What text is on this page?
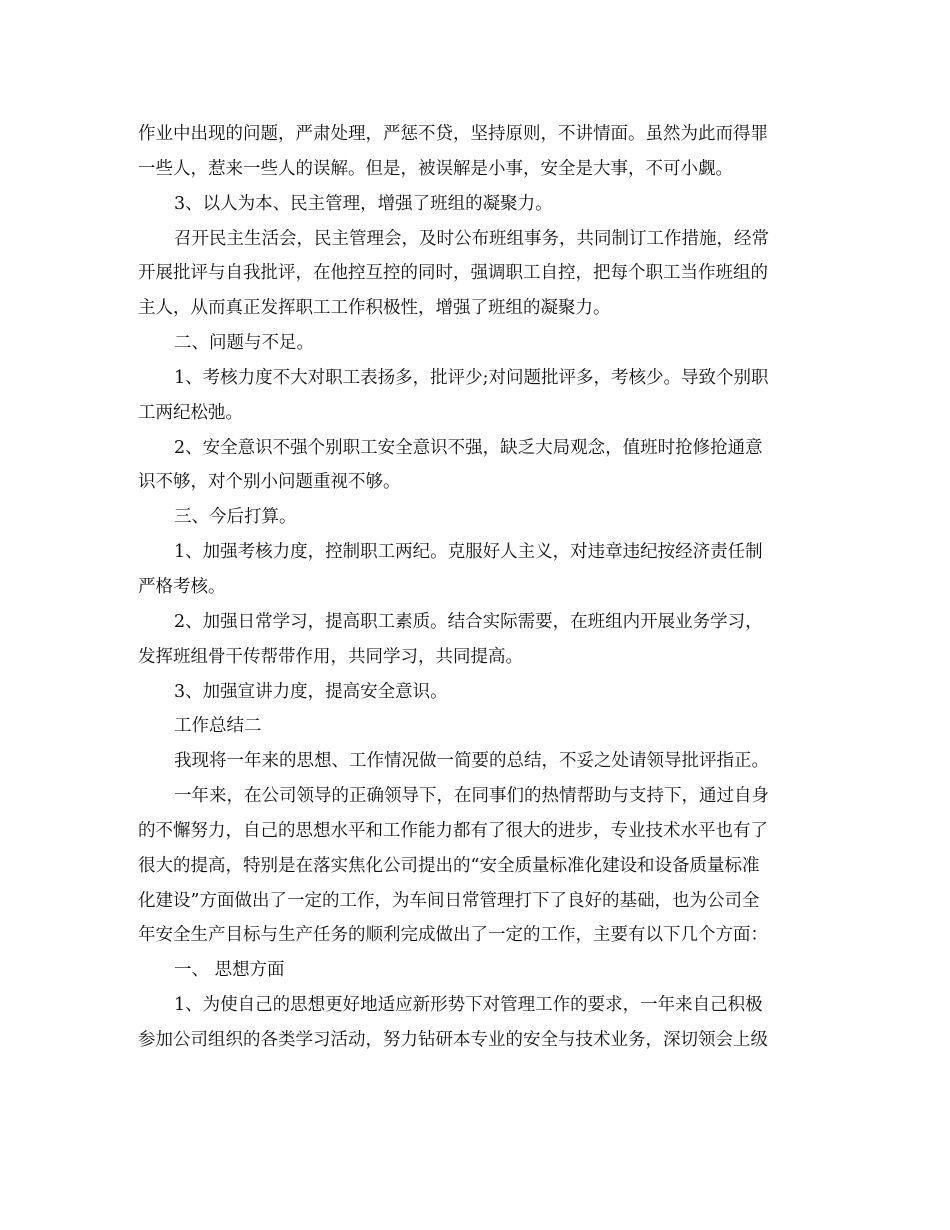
作业中出现的问题，严肃处理，严惩不贷，坚持原则，不讲情面。虽然为此而得罪
一些人，惹来一些人的误解。但是，被误解是小事，安全是大事，不可小觑。
3、以人为本、民主管理，增强了班组的凝聚力。
召开民主生活会，民主管理会，及时公布班组事务，共同制订工作措施，经常
开展批评与自我批评，在他控互控的同时，强调职工自控，把每个职工当作班组的
主人，从而真正发挥职工工作积极性，增强了班组的凝聚力。
二、问题与不足。
1、考核力度不大对职工表扬多，批评少;对问题批评多，考核少。导致个别职
工两纪松弛。
2、安全意识不强个别职工安全意识不强，缺乏大局观念，值班时抢修抢通意
识不够，对个别小问题重视不够。
三、今后打算。
1、加强考核力度，控制职工两纪。克服好人主义，对违章违纪按经济责任制
严格考核。
2、加强日常学习，提高职工素质。结合实际需要，在班组内开展业务学习，
发挥班组骨干传帮带作用，共同学习，共同提高。
3、加强宣讲力度，提高安全意识。
工作总结二
我现将一年来的思想、工作情况做一简要的总结，不妥之处请领导批评指正。
一年来，在公司领导的正确领导下，在同事们的热情帮助与支持下，通过自身
的不懈努力，自己的思想水平和工作能力都有了很大的进步，专业技术水平也有了
很大的提高，特别是在落实焦化公司提出的“安全质量标准化建设和设备质量标准
化建设”方面做出了一定的工作，为车间日常管理打下了良好的基础，也为公司全
年安全生产目标与生产任务的顺利完成做出了一定的工作，主要有以下几个方面：
一、 思想方面
1、为使自己的思想更好地适应新形势下对管理工作的要求，一年来自己积极
参加公司组织的各类学习活动，努力钻研本专业的安全与技术业务，深切领会上级
